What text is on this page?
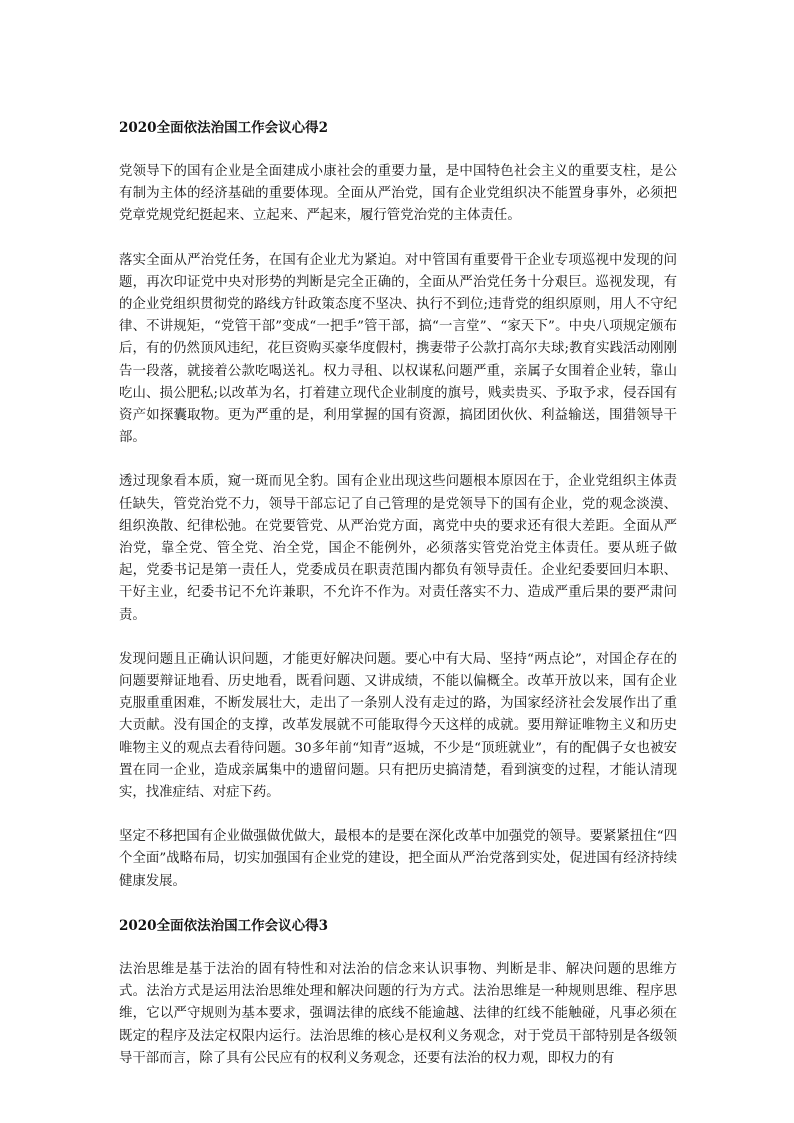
2020全面依法治国工作会议心得2

党领导下的国有企业是全面建成小康社会的重要力量，是中国特色社会主义的重要支柱，是公有制为主体的经济基础的重要体现。全面从严治党，国有企业党组织决不能置身事外，必须把党章党规党纪挺起来、立起来、严起来，履行管党治党的主体责任。

落实全面从严治党任务，在国有企业尤为紧迫。对中管国有重要骨干企业专项巡视中发现的问题，再次印证党中央对形势的判断是完全正确的，全面从严治党任务十分艰巨。巡视发现，有的企业党组织贯彻党的路线方针政策态度不坚决、执行不到位;违背党的组织原则，用人不守纪律、不讲规矩，“党管干部”变成“一把手”管干部，搞“一言堂”、“家天下”。中央八项规定颁布后，有的仍然顶风违纪，花巨资购买豪华度假村，携妻带子公款打高尔夫球;教育实践活动刚刚告一段落，就接着公款吃喝送礼。权力寻租、以权谋私问题严重，亲属子女围着企业转，靠山吃山、损公肥私;以改革为名，打着建立现代企业制度的旗号，贱卖贵买、予取予求，侵吞国有资产如探囊取物。更为严重的是，利用掌握的国有资源，搞团团伙伙、利益输送，围猎领导干部。

透过现象看本质，窥一斑而见全豹。国有企业出现这些问题根本原因在于，企业党组织主体责任缺失，管党治党不力，领导干部忘记了自己管理的是党领导下的国有企业，党的观念淡漠、组织涣散、纪律松弛。在党要管党、从严治党方面，离党中央的要求还有很大差距。全面从严治党，靠全党、管全党、治全党，国企不能例外，必须落实管党治党主体责任。要从班子做起，党委书记是第一责任人，党委成员在职责范围内都负有领导责任。企业纪委要回归本职、干好主业，纪委书记不允许兼职，不允许不作为。对责任落实不力、造成严重后果的要严肃问责。

发现问题且正确认识问题，才能更好解决问题。要心中有大局、坚持“两点论”，对国企存在的问题要辩证地看、历史地看，既看问题、又讲成绩，不能以偏概全。改革开放以来，国有企业克服重重困难，不断发展壮大，走出了一条别人没有走过的路，为国家经济社会发展作出了重大贡献。没有国企的支撑，改革发展就不可能取得今天这样的成就。要用辩证唯物主义和历史唯物主义的观点去看待问题。30多年前“知青”返城，不少是“顶班就业”，有的配偶子女也被安置在同一企业，造成亲属集中的遗留问题。只有把历史搞清楚，看到演变的过程，才能认清现实，找准症结、对症下药。

坚定不移把国有企业做强做优做大，最根本的是要在深化改革中加强党的领导。要紧紧扭住“四个全面”战略布局，切实加强国有企业党的建设，把全面从严治党落到实处，促进国有经济持续健康发展。

2020全面依法治国工作会议心得3

法治思维是基于法治的固有特性和对法治的信念来认识事物、判断是非、解决问题的思维方式。法治方式是运用法治思维处理和解决问题的行为方式。法治思维是一种规则思维、程序思维，它以严守规则为基本要求，强调法律的底线不能逾越、法律的红线不能触碰，凡事必须在既定的程序及法定权限内运行。法治思维的核心是权利义务观念，对于党员干部特别是各级领导干部而言，除了具有公民应有的权利义务观念，还要有法治的权力观，即权力的有
